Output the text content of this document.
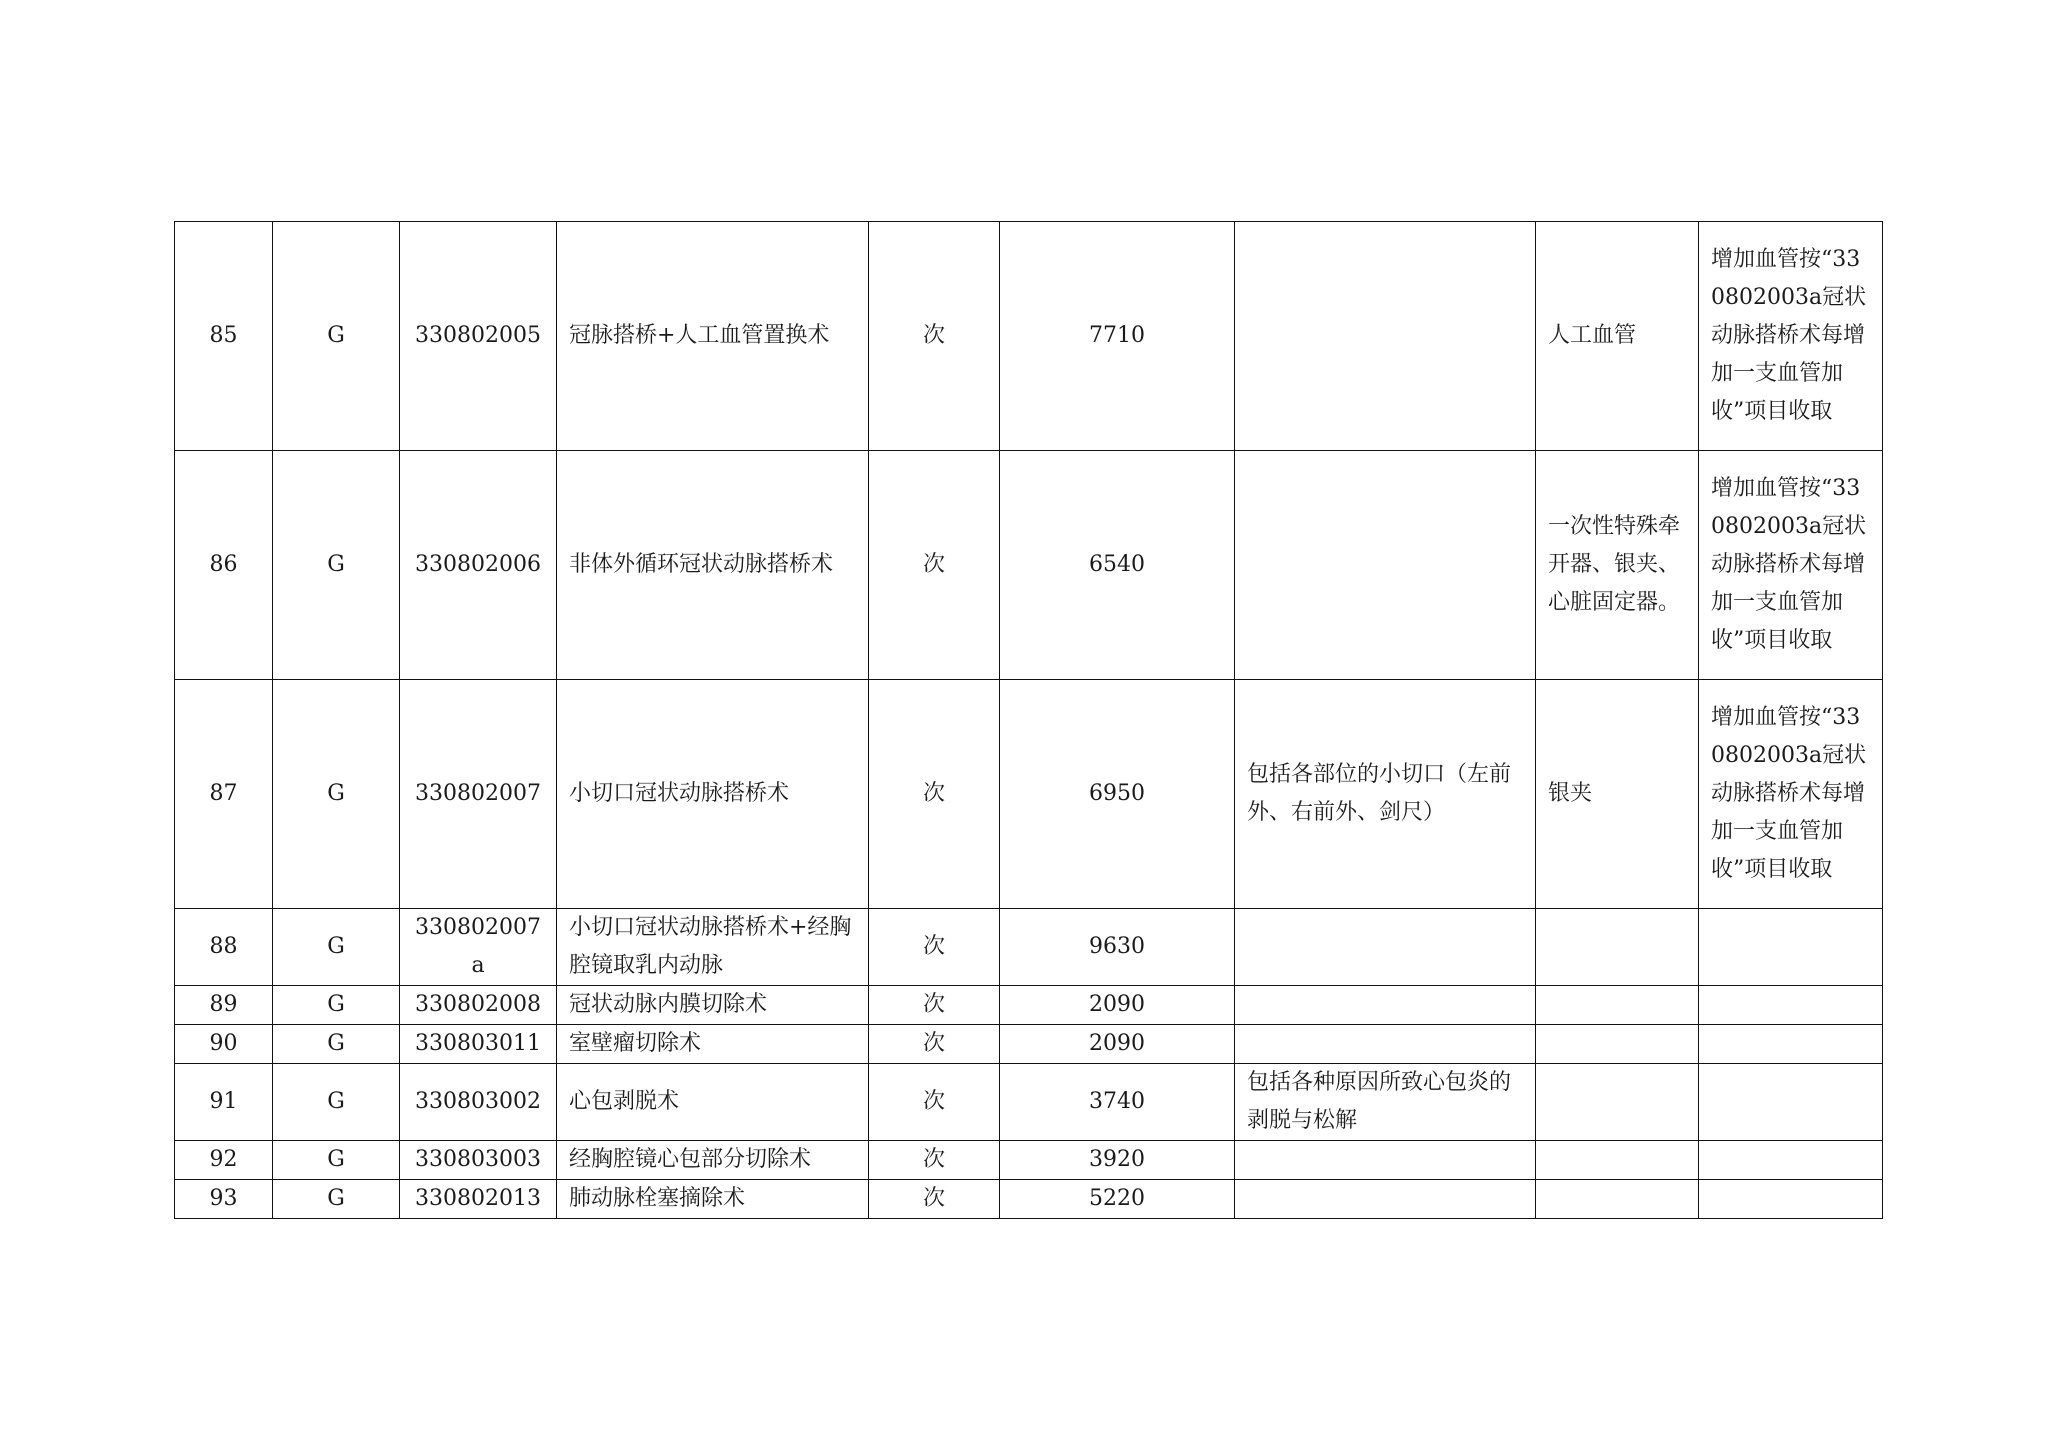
85	G	330802005	冠脉搭桥+人工血管置换术	次	7710		人工血管	增加血管按“330802003a冠状动脉搭桥术每增加一支血管加收”项目收取
86	G	330802006	非体外循环冠状动脉搭桥术	次	6540		一次性特殊牵开器、银夹、心脏固定器。	增加血管按“330802003a冠状动脉搭桥术每增加一支血管加收”项目收取
87	G	330802007	小切口冠状动脉搭桥术	次	6950	包括各部位的小切口（左前外、右前外、剑尺）	银夹	增加血管按“330802003a冠状动脉搭桥术每增加一支血管加收”项目收取
88	G	330802007a	小切口冠状动脉搭桥术+经胸腔镜取乳内动脉	次	9630			
89	G	330802008	冠状动脉内膜切除术	次	2090			
90	G	330803011	室壁瘤切除术	次	2090			
91	G	330803002	心包剥脱术	次	3740	包括各种原因所致心包炎的剥脱与松解		
92	G	330803003	经胸腔镜心包部分切除术	次	3920			
93	G	330802013	肺动脉栓塞摘除术	次	5220			
